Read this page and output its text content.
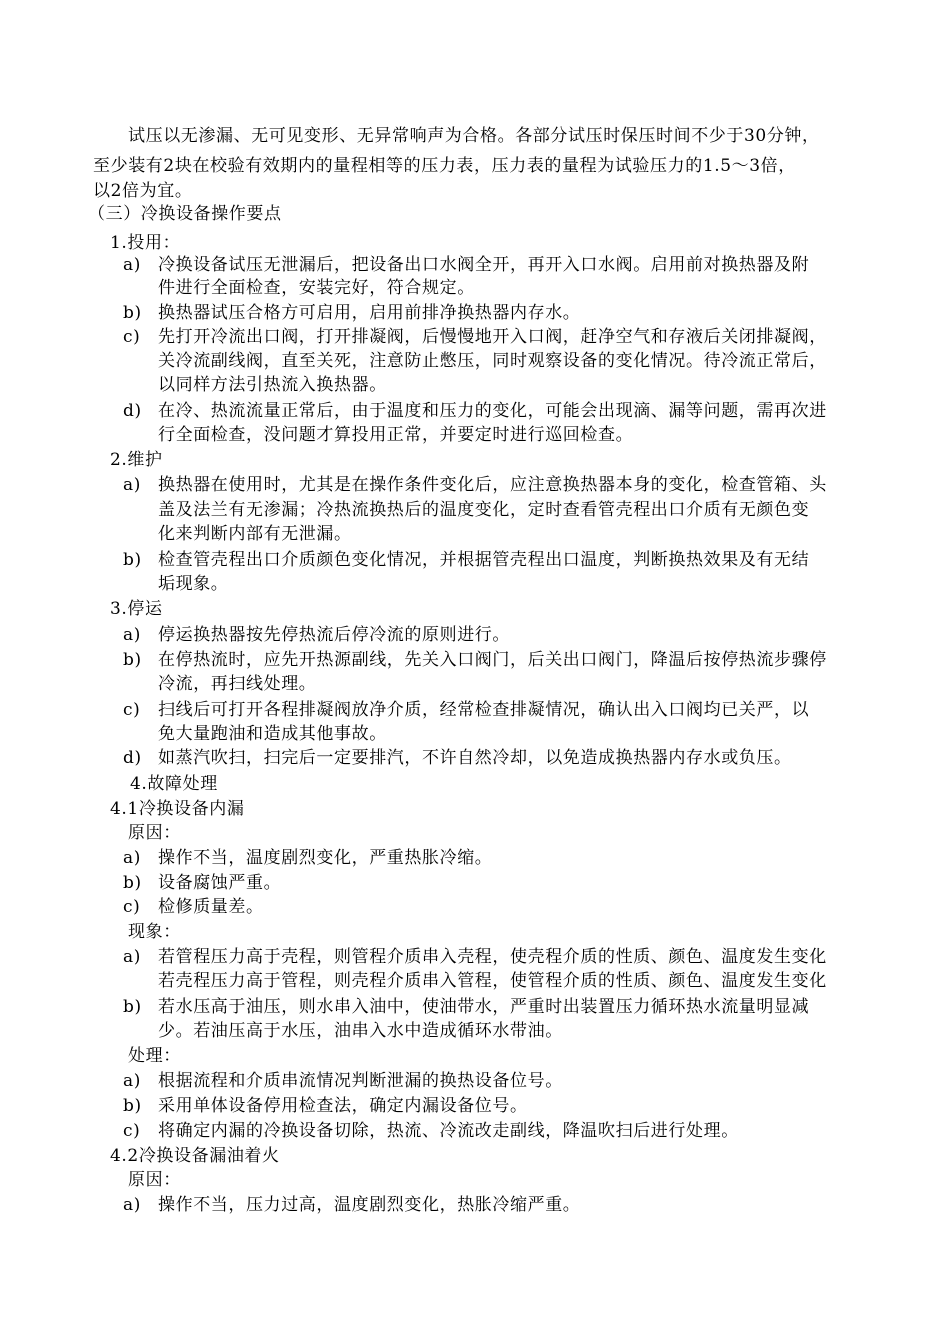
试压以无渗漏、无可见变形、无异常响声为合格。各部分试压时保压时间不少于30分钟，
至少装有2块在校验有效期内的量程相等的压力表，压力表的量程为试验压力的1.5～3倍，
以2倍为宜。
（三）冷换设备操作要点
1.投用：
a) 冷换设备试压无泄漏后，把设备出口水阀全开，再开入口水阀。启用前对换热器及附
件进行全面检查，安装完好，符合规定。
b) 换热器试压合格方可启用，启用前排净换热器内存水。
c) 先打开冷流出口阀，打开排凝阀，后慢慢地开入口阀，赶净空气和存液后关闭排凝阀，
关冷流副线阀，直至关死，注意防止憋压，同时观察设备的变化情况。待冷流正常后，
以同样方法引热流入换热器。
d) 在冷、热流流量正常后，由于温度和压力的变化，可能会出现滴、漏等问题，需再次进
行全面检查，没问题才算投用正常，并要定时进行巡回检查。
2.维护
a) 换热器在使用时，尤其是在操作条件变化后，应注意换热器本身的变化，检查管箱、头
盖及法兰有无渗漏；冷热流换热后的温度变化，定时查看管壳程出口介质有无颜色变
化来判断内部有无泄漏。
b) 检查管壳程出口介质颜色变化情况，并根据管壳程出口温度，判断换热效果及有无结
垢现象。
3.停运
a) 停运换热器按先停热流后停冷流的原则进行。
b) 在停热流时，应先开热源副线，先关入口阀门，后关出口阀门，降温后按停热流步骤停
冷流，再扫线处理。
c) 扫线后可打开各程排凝阀放净介质，经常检查排凝情况，确认出入口阀均已关严，以
免大量跑油和造成其他事故。
d) 如蒸汽吹扫，扫完后一定要排汽，不许自然冷却，以免造成换热器内存水或负压。
4.故障处理
4.1冷换设备内漏
原因：
a) 操作不当，温度剧烈变化，严重热胀冷缩。
b) 设备腐蚀严重。
c) 检修质量差。
现象：
a) 若管程压力高于壳程，则管程介质串入壳程，使壳程介质的性质、颜色、温度发生变化
若壳程压力高于管程，则壳程介质串入管程，使管程介质的性质、颜色、温度发生变化
b) 若水压高于油压，则水串入油中，使油带水，严重时出装置压力循环热水流量明显减
少。若油压高于水压，油串入水中造成循环水带油。
处理：
a) 根据流程和介质串流情况判断泄漏的换热设备位号。
b) 采用单体设备停用检查法，确定内漏设备位号。
c) 将确定内漏的冷换设备切除，热流、冷流改走副线，降温吹扫后进行处理。
4.2冷换设备漏油着火
原因：
a) 操作不当，压力过高，温度剧烈变化，热胀冷缩严重。
